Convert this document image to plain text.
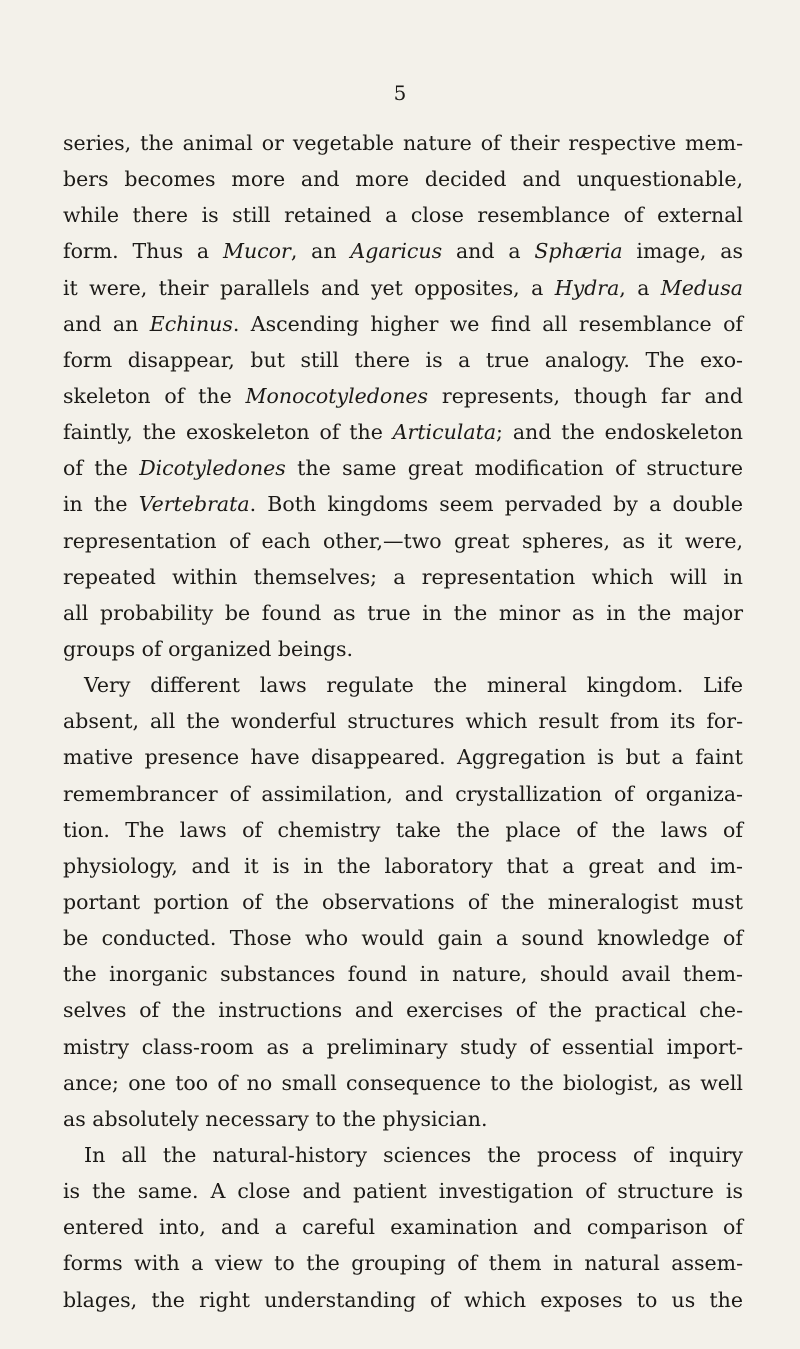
5
series, the animal or vegetable nature of their respective mem-
bers becomes more and more decided and unquestionable,
while there is still retained a close resemblance of external
form. Thus a Mucor, an Agaricus and a Sphæria image, as
it were, their parallels and yet opposites, a Hydra, a Medusa
and an Echinus. Ascending higher we find all resemblance of
form disappear, but still there is a true analogy. The exo-
skeleton of the Monocotyledones represents, though far and
faintly, the exoskeleton of the Articulata; and the endoskeleton
of the Dicotyledones the same great modification of structure
in the Vertebrata. Both kingdoms seem pervaded by a double
representation of each other,—two great spheres, as it were,
repeated within themselves; a representation which will in
all probability be found as true in the minor as in the major
groups of organized beings.
Very different laws regulate the mineral kingdom. Life
absent, all the wonderful structures which result from its for-
mative presence have disappeared. Aggregation is but a faint
remembrancer of assimilation, and crystallization of organiza-
tion. The laws of chemistry take the place of the laws of
physiology, and it is in the laboratory that a great and im-
portant portion of the observations of the mineralogist must
be conducted. Those who would gain a sound knowledge of
the inorganic substances found in nature, should avail them-
selves of the instructions and exercises of the practical che-
mistry class-room as a preliminary study of essential import-
ance; one too of no small consequence to the biologist, as well
as absolutely necessary to the physician.
In all the natural-history sciences the process of inquiry
is the same. A close and patient investigation of structure is
entered into, and a careful examination and comparison of
forms with a view to the grouping of them in natural assem-
blages, the right understanding of which exposes to us the
